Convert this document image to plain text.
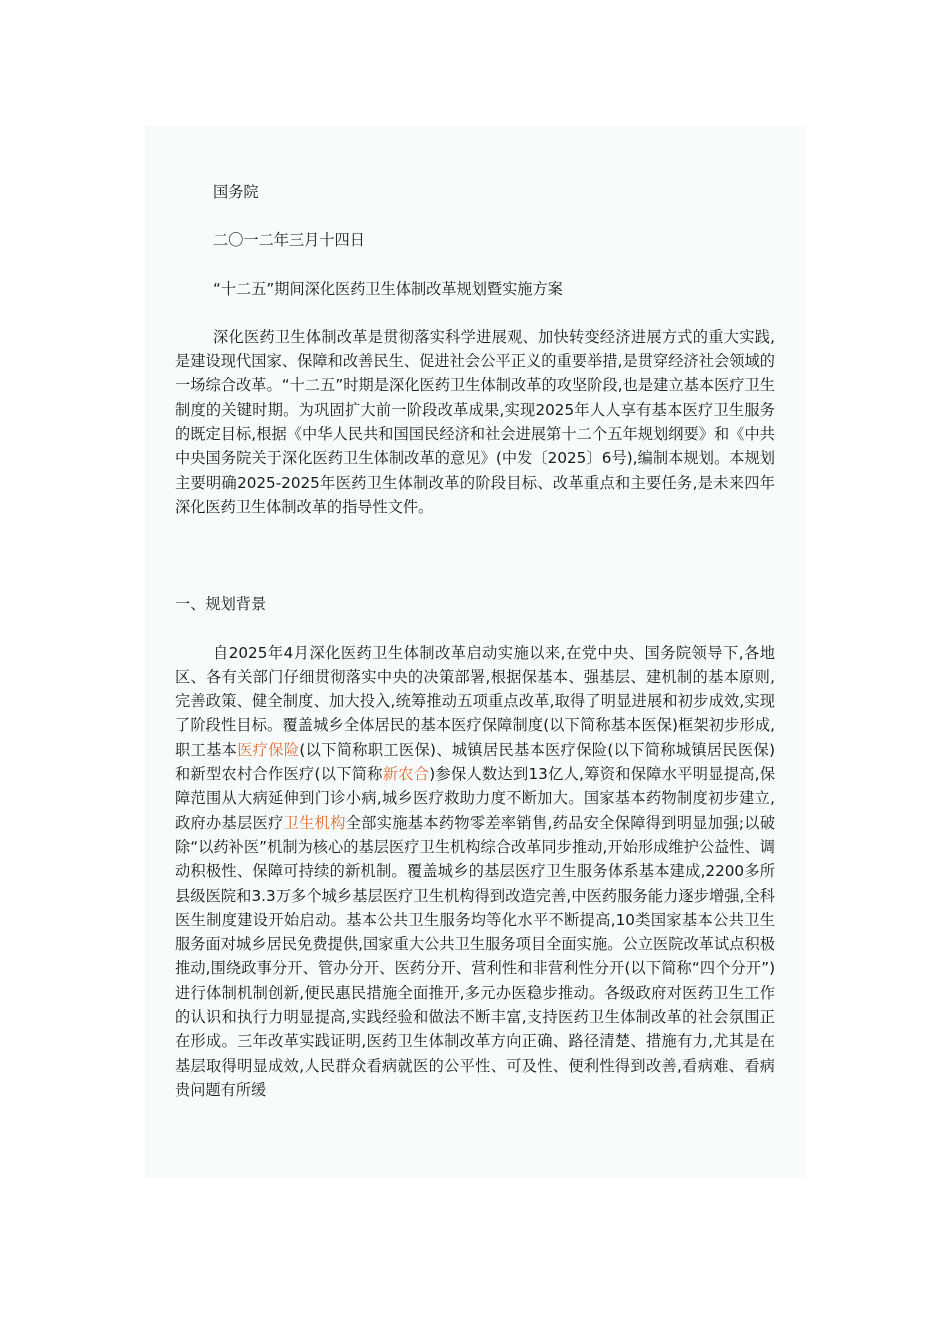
国务院

二〇一二年三月十四日

“十二五”期间深化医药卫生体制改革规划暨实施方案

深化医药卫生体制改革是贯彻落实科学进展观、加快转变经济进展方式的重大实践,是建设现代国家、保障和改善民生、促进社会公平正义的重要举措,是贯穿经济社会领域的一场综合改革。“十二五”时期是深化医药卫生体制改革的攻坚阶段,也是建立基本医疗卫生制度的关键时期。为巩固扩大前一阶段改革成果,实现2025年人人享有基本医疗卫生服务的既定目标,根据《中华人民共和国国民经济和社会进展第十二个五年规划纲要》和《中共中央国务院关于深化医药卫生体制改革的意见》(中发〔2025〕6号),编制本规划。本规划主要明确2025-2025年医药卫生体制改革的阶段目标、改革重点和主要任务,是未来四年深化医药卫生体制改革的指导性文件。

一、规划背景

自2025年4月深化医药卫生体制改革启动实施以来,在党中央、国务院领导下,各地区、各有关部门仔细贯彻落实中央的决策部署,根据保基本、强基层、建机制的基本原则,完善政策、健全制度、加大投入,统筹推动五项重点改革,取得了明显进展和初步成效,实现了阶段性目标。覆盖城乡全体居民的基本医疗保障制度(以下简称基本医保)框架初步形成,职工基本医疗保险(以下简称职工医保)、城镇居民基本医疗保险(以下简称城镇居民医保)和新型农村合作医疗(以下简称新农合)参保人数达到13亿人,筹资和保障水平明显提高,保障范围从大病延伸到门诊小病,城乡医疗救助力度不断加大。国家基本药物制度初步建立,政府办基层医疗卫生机构全部实施基本药物零差率销售,药品安全保障得到明显加强;以破除“以药补医”机制为核心的基层医疗卫生机构综合改革同步推动,开始形成维护公益性、调动积极性、保障可持续的新机制。覆盖城乡的基层医疗卫生服务体系基本建成,2200多所县级医院和3.3万多个城乡基层医疗卫生机构得到改造完善,中医药服务能力逐步增强,全科医生制度建设开始启动。基本公共卫生服务均等化水平不断提高,10类国家基本公共卫生服务面对城乡居民免费提供,国家重大公共卫生服务项目全面实施。公立医院改革试点积极推动,围绕政事分开、管办分开、医药分开、营利性和非营利性分开(以下简称“四个分开”)进行体制机制创新,便民惠民措施全面推开,多元办医稳步推动。各级政府对医药卫生工作的认识和执行力明显提高,实践经验和做法不断丰富,支持医药卫生体制改革的社会氛围正在形成。三年改革实践证明,医药卫生体制改革方向正确、路径清楚、措施有力,尤其是在基层取得明显成效,人民群众看病就医的公平性、可及性、便利性得到改善,看病难、看病贵问题有所缓
